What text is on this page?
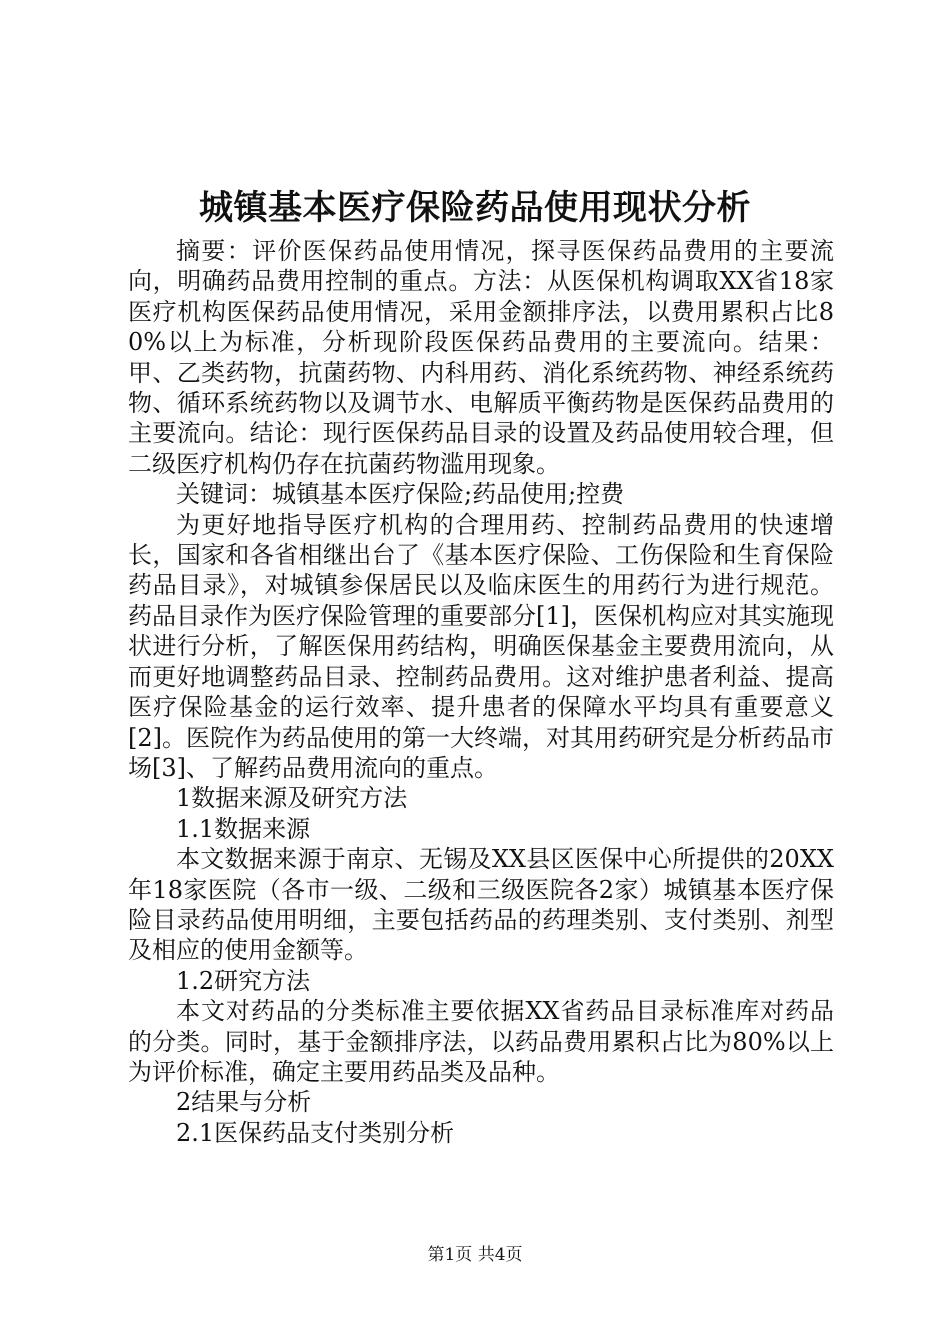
城镇基本医疗保险药品使用现状分析

摘要：评价医保药品使用情况，探寻医保药品费用的主要流向，明确药品费用控制的重点。方法：从医保机构调取XX省18家医疗机构医保药品使用情况，采用金额排序法，以费用累积占比80%以上为标准，分析现阶段医保药品费用的主要流向。结果：甲、乙类药物，抗菌药物、内科用药、消化系统药物、神经系统药物、循环系统药物以及调节水、电解质平衡药物是医保药品费用的主要流向。结论：现行医保药品目录的设置及药品使用较合理，但二级医疗机构仍存在抗菌药物滥用现象。

关键词：城镇基本医疗保险;药品使用;控费

为更好地指导医疗机构的合理用药、控制药品费用的快速增长，国家和各省相继出台了《基本医疗保险、工伤保险和生育保险药品目录》，对城镇参保居民以及临床医生的用药行为进行规范。药品目录作为医疗保险管理的重要部分[1]，医保机构应对其实施现状进行分析，了解医保用药结构，明确医保基金主要费用流向，从而更好地调整药品目录、控制药品费用。这对维护患者利益、提高医疗保险基金的运行效率、提升患者的保障水平均具有重要意义[2]。医院作为药品使用的第一大终端，对其用药研究是分析药品市场[3]、了解药品费用流向的重点。

1数据来源及研究方法

1.1数据来源

本文数据来源于南京、无锡及XX县区医保中心所提供的20XX年18家医院（各市一级、二级和三级医院各2家）城镇基本医疗保险目录药品使用明细，主要包括药品的药理类别、支付类别、剂型及相应的使用金额等。

1.2研究方法

本文对药品的分类标准主要依据XX省药品目录标准库对药品的分类。同时，基于金额排序法，以药品费用累积占比为80%以上为评价标准，确定主要用药品类及品种。

2结果与分析

2.1医保药品支付类别分析

第1页 共4页
